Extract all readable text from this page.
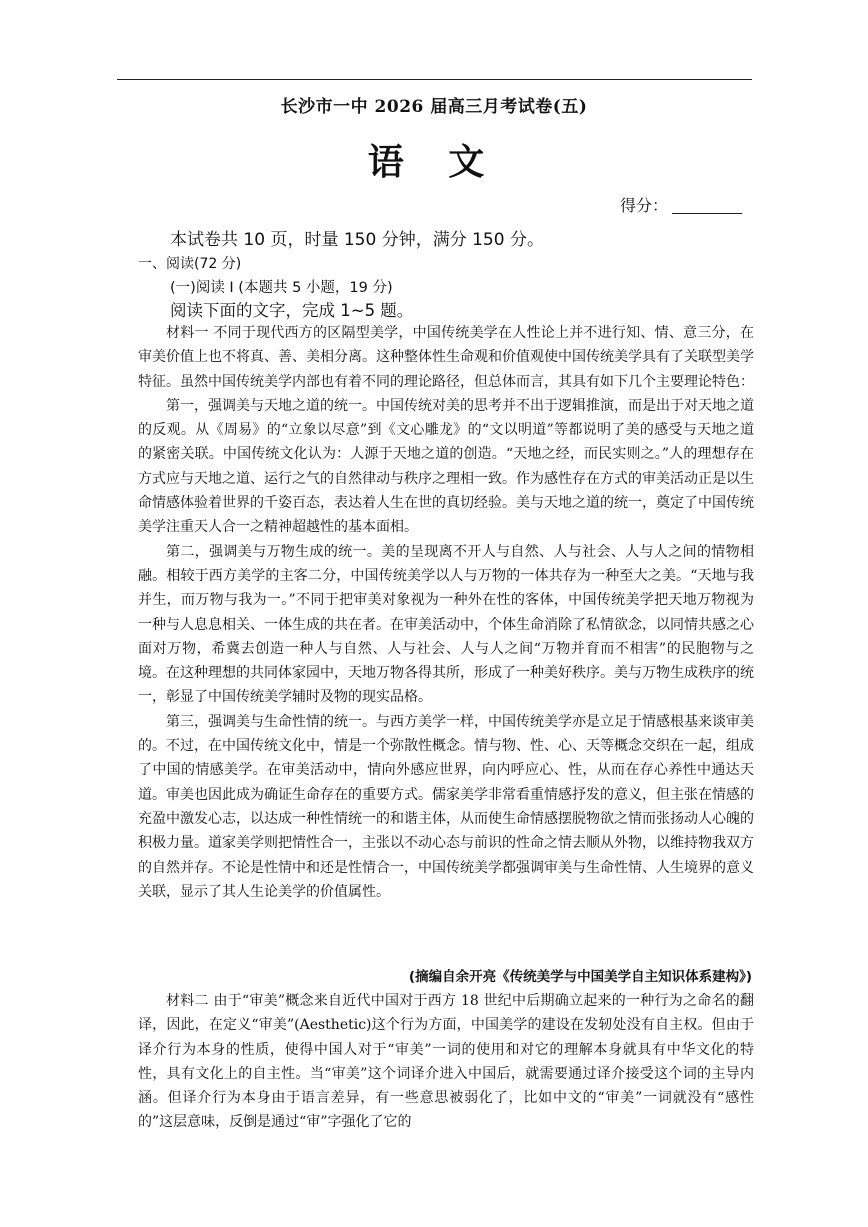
长沙市一中 2026 届高三月考试卷(五)
语 文
得分：
本试卷共 10 页，时量 150 分钟，满分 150 分。
一、阅读(72 分)
(一)阅读 I (本题共 5 小题，19 分)
阅读下面的文字，完成 1~5 题。

材料一 不同于现代西方的区隔型美学，中国传统美学在人性论上并不进行知、情、意三分，在审美价值上也不将真、善、美相分离。这种整体性生命观和价值观使中国传统美学具有了关联型美学特征。虽然中国传统美学内部也有着不同的理论路径，但总体而言，其具有如下几个主要理论特色：

第一，强调美与天地之道的统一。中国传统对美的思考并不出于逻辑推演，而是出于对天地之道的反观。从《周易》的“立象以尽意”到《文心雕龙》的“文以明道”等都说明了美的感受与天地之道的紧密关联。中国传统文化认为：人源于天地之道的创造。“天地之经，而民实则之。”人的理想存在方式应与天地之道、运行之气的自然律动与秩序之理相一致。作为感性存在方式的审美活动正是以生命情感体验着世界的千姿百态，表达着人生在世的真切经验。美与天地之道的统一，奠定了中国传统美学注重天人合一之精神超越性的基本面相。

第二，强调美与万物生成的统一。美的呈现离不开人与自然、人与社会、人与人之间的情物相融。相较于西方美学的主客二分，中国传统美学以人与万物的一体共存为一种至大之美。“天地与我并生，而万物与我为一。”不同于把审美对象视为一种外在性的客体，中国传统美学把天地万物视为一种与人息息相关、一体生成的共在者。在审美活动中，个体生命消除了私情欲念，以同情共感之心面对万物，希冀去创造一种人与自然、人与社会、人与人之间“万物并育而不相害”的民胞物与之境。在这种理想的共同体家园中，天地万物各得其所，形成了一种美好秩序。美与万物生成秩序的统一，彰显了中国传统美学辅时及物的现实品格。

第三，强调美与生命性情的统一。与西方美学一样，中国传统美学亦是立足于情感根基来谈审美的。不过，在中国传统文化中，情是一个弥散性概念。情与物、性、心、天等概念交织在一起，组成了中国的情感美学。在审美活动中，情向外感应世界，向内呼应心、性，从而在存心养性中通达天道。审美也因此成为确证生命存在的重要方式。儒家美学非常看重情感抒发的意义，但主张在情感的充盈中激发心志，以达成一种性情统一的和谐主体，从而使生命情感摆脱物欲之情而张扬动人心魄的积极力量。道家美学则把情性合一，主张以不动心态与前识的性命之情去顺从外物，以维持物我双方的自然并存。不论是性情中和还是性情合一，中国传统美学都强调审美与生命性情、人生境界的意义关联，显示了其人生论美学的价值属性。

(摘编自余开亮《传统美学与中国美学自主知识体系建构》)

材料二 由于“审美”概念来自近代中国对于西方 18 世纪中后期确立起来的一种行为之命名的翻译，因此，在定义“审美”(Aesthetic)这个行为方面，中国美学的建设在发轫处没有自主权。但由于译介行为本身的性质，使得中国人对于“审美”一词的使用和对它的理解本身就具有中华文化的特性，具有文化上的自主性。当“审美”这个词译介进入中国后，就需要通过译介接受这个词的主导内涵。但译介行为本身由于语言差异，有一些意思被弱化了，比如中文的“审美”一词就没有“感性的”这层意味，反倒是通过“审”字强化了它的
